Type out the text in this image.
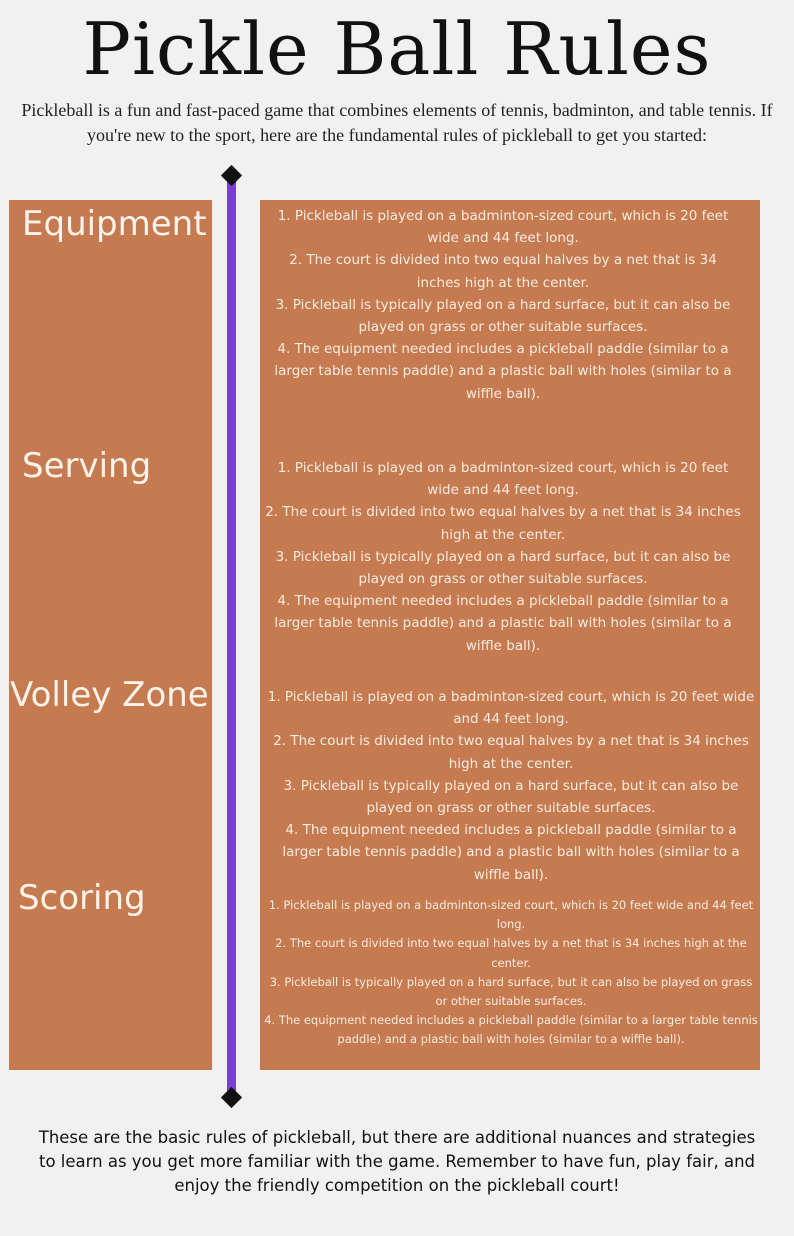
Pickle Ball Rules

Pickleball is a fun and fast-paced game that combines elements of tennis, badminton, and table tennis. If you're new to the sport, here are the fundamental rules of pickleball to get you started:

Equipment	1. Pickleball is played on a badminton-sized court, which is 20 feet wide and 44 feet long.
2. The court is divided into two equal halves by a net that is 34 inches high at the center.
3. Pickleball is typically played on a hard surface, but it can also be played on grass or other suitable surfaces.
4. The equipment needed includes a pickleball paddle (similar to a larger table tennis paddle) and a plastic ball with holes (similar to a wiffle ball).
Serving	1. Pickleball is played on a badminton-sized court, which is 20 feet wide and 44 feet long.
2. The court is divided into two equal halves by a net that is 34 inches high at the center.
3. Pickleball is typically played on a hard surface, but it can also be played on grass or other suitable surfaces.
4. The equipment needed includes a pickleball paddle (similar to a larger table tennis paddle) and a plastic ball with holes (similar to a wiffle ball).
Volley Zone	1. Pickleball is played on a badminton-sized court, which is 20 feet wide and 44 feet long.
2. The court is divided into two equal halves by a net that is 34 inches high at the center.
3. Pickleball is typically played on a hard surface, but it can also be played on grass or other suitable surfaces.
4. The equipment needed includes a pickleball paddle (similar to a larger table tennis paddle) and a plastic ball with holes (similar to a wiffle ball).
Scoring	1. Pickleball is played on a badminton-sized court, which is 20 feet wide and 44 feet long.
2. The court is divided into two equal halves by a net that is 34 inches high at the center.
3. Pickleball is typically played on a hard surface, but it can also be played on grass or other suitable surfaces.
4. The equipment needed includes a pickleball paddle (similar to a larger table tennis paddle) and a plastic ball with holes (similar to a wiffle ball).

These are the basic rules of pickleball, but there are additional nuances and strategies to learn as you get more familiar with the game. Remember to have fun, play fair, and enjoy the friendly competition on the pickleball court!
